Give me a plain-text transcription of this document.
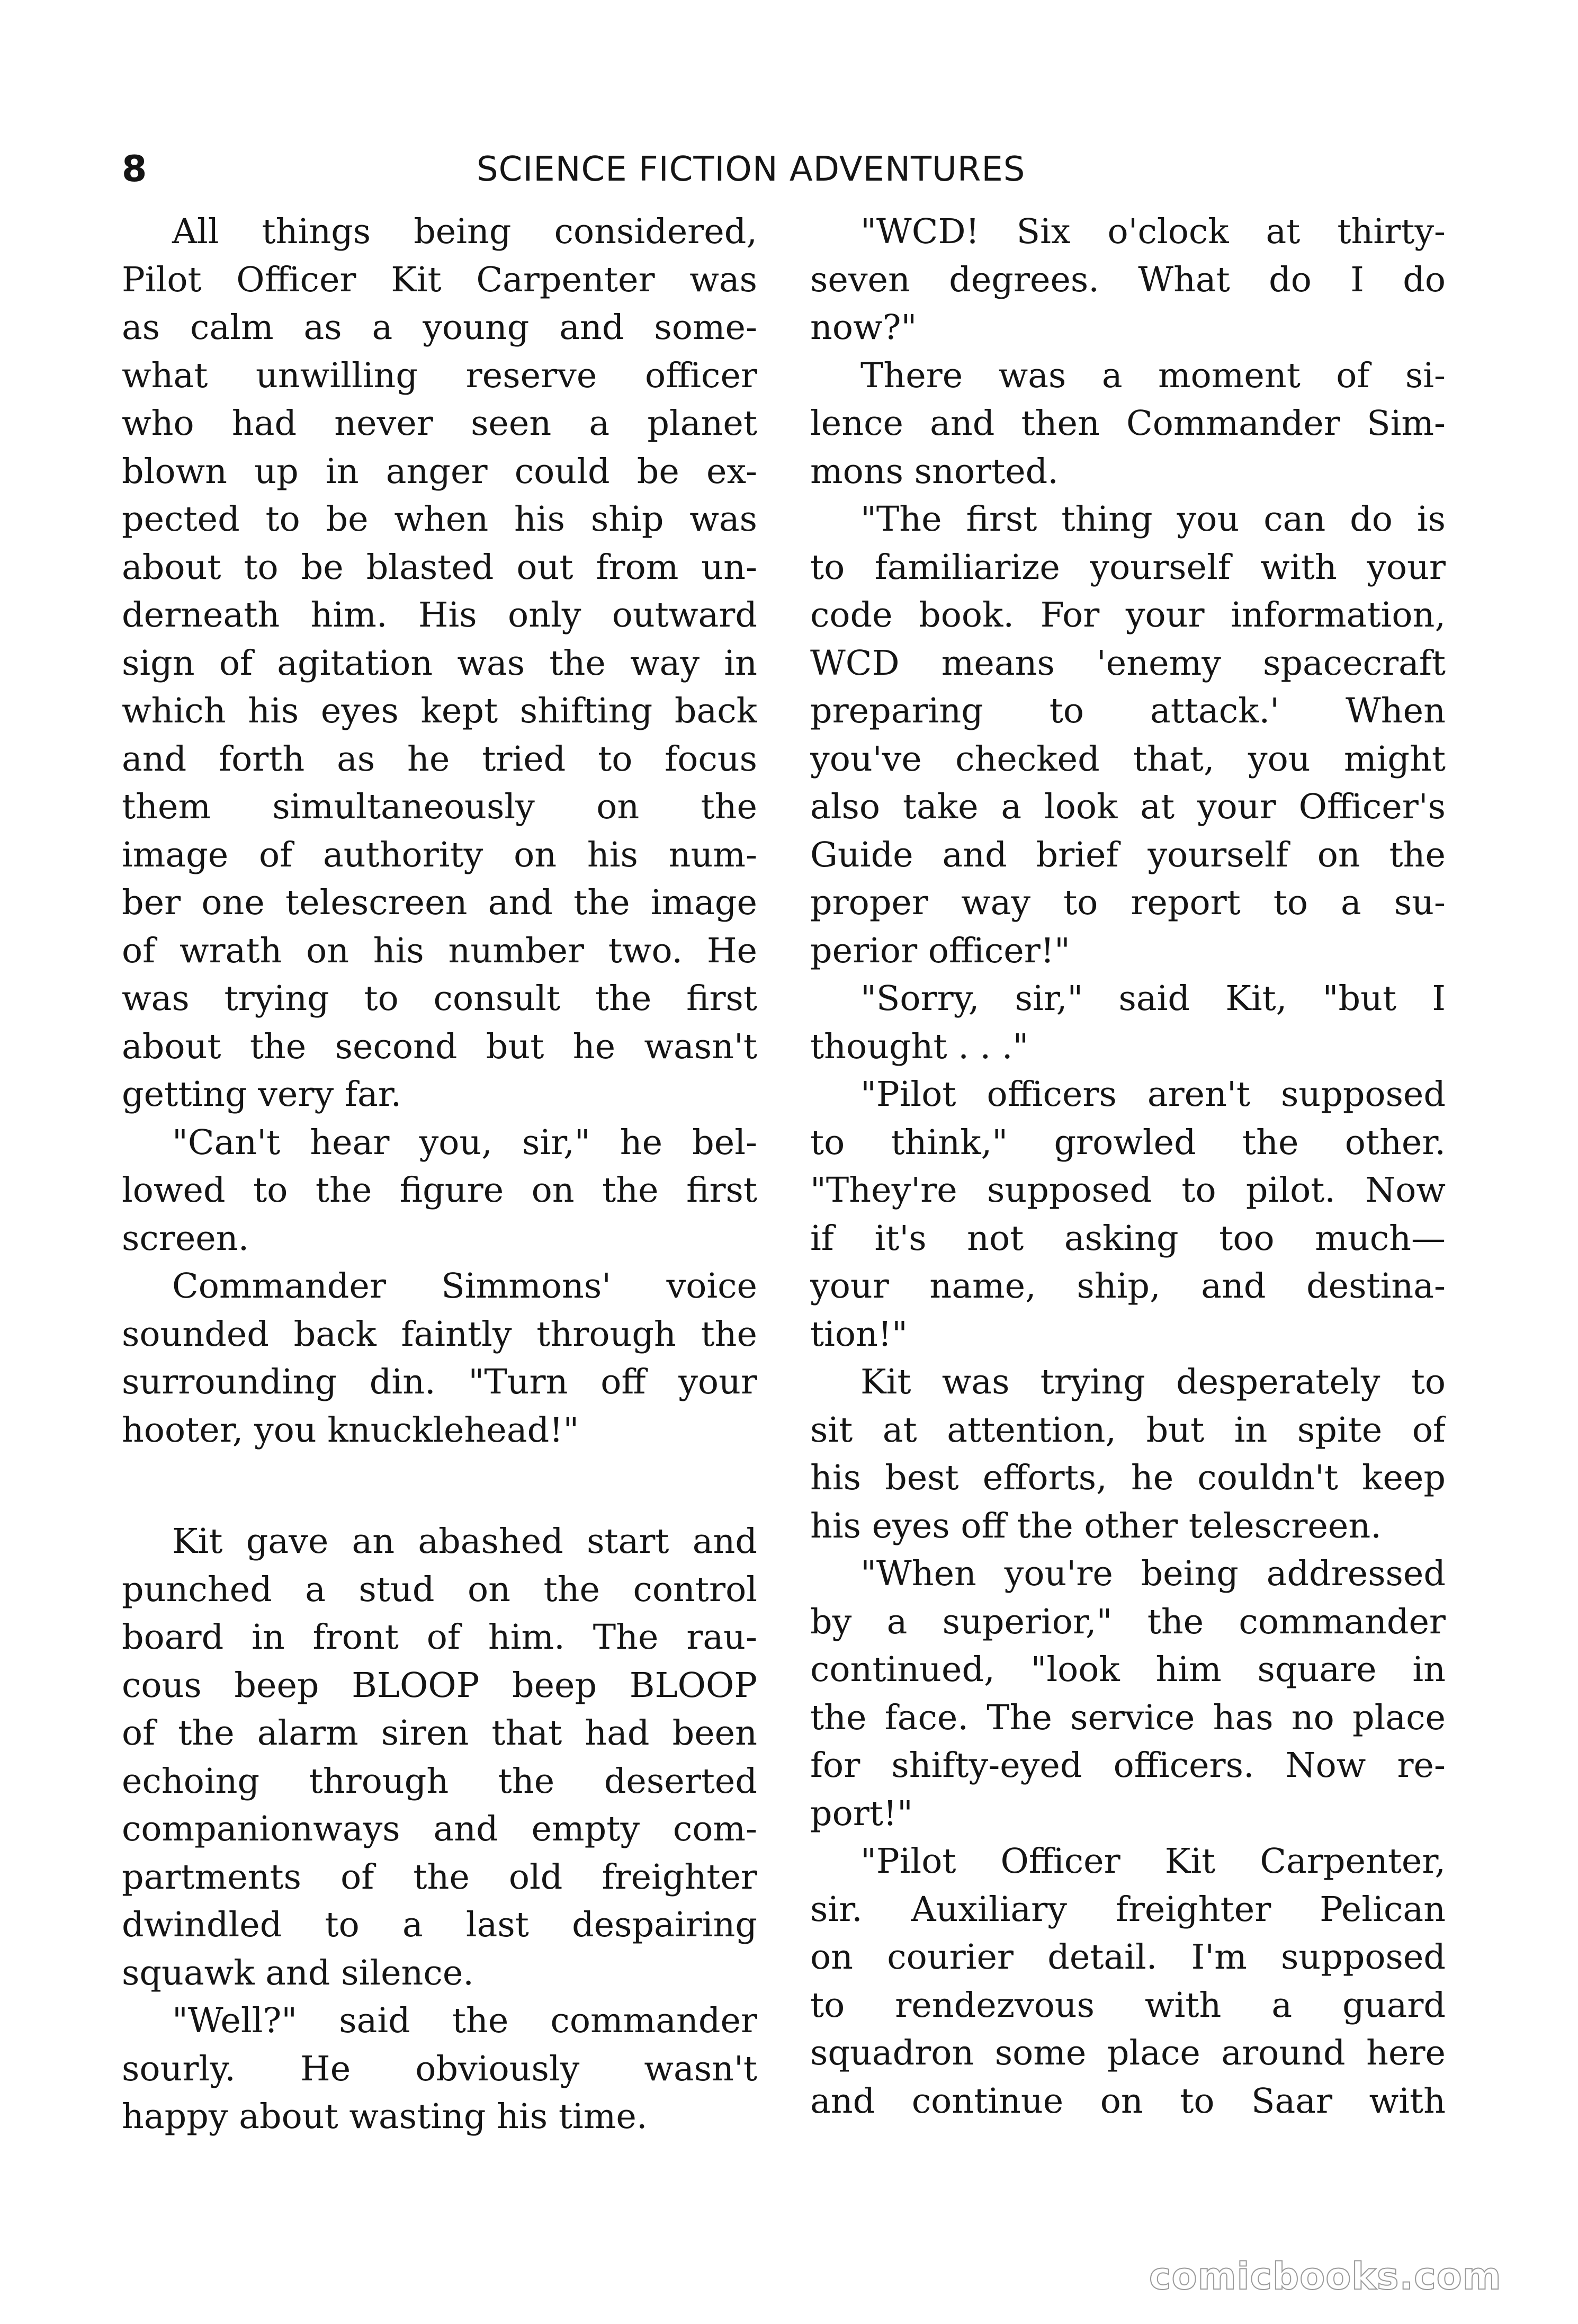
8	SCIENCE FICTION ADVENTURES
All things being considered,
Pilot Officer Kit Carpenter was
as calm as a young and some-
what unwilling reserve officer
who had never seen a planet
blown up in anger could be ex-
pected to be when his ship was
about to be blasted out from un-
derneath him. His only outward
sign of agitation was the way in
which his eyes kept shifting back
and forth as he tried to focus
them simultaneously on the
image of authority on his num-
ber one telescreen and the image
of wrath on his number two. He
was trying to consult the first
about the second but he wasn't
getting very far.
"Can't hear you, sir," he bel-
lowed to the figure on the first
screen.
Commander Simmons' voice
sounded back faintly through the
surrounding din. "Turn off your
hooter, you knucklehead!"
Kit gave an abashed start and
punched a stud on the control
board in front of him. The rau-
cous beep BLOOP beep BLOOP
of the alarm siren that had been
echoing through the deserted
companionways and empty com-
partments of the old freighter
dwindled to a last despairing
squawk and silence.
"Well?" said the commander
sourly. He obviously wasn't
happy about wasting his time.
"WCD! Six o'clock at thirty-
seven degrees. What do I do
now?"
There was a moment of si-
lence and then Commander Sim-
mons snorted.
"The first thing you can do is
to familiarize yourself with your
code book. For your information,
WCD means 'enemy spacecraft
preparing to attack.' When
you've checked that, you might
also take a look at your Officer's
Guide and brief yourself on the
proper way to report to a su-
perior officer!"
"Sorry, sir," said Kit, "but I
thought . . ."
"Pilot officers aren't supposed
to think," growled the other.
"They're supposed to pilot. Now
if it's not asking too much—
your name, ship, and destina-
tion!"
Kit was trying desperately to
sit at attention, but in spite of
his best efforts, he couldn't keep
his eyes off the other telescreen.
"When you're being addressed
by a superior," the commander
continued, "look him square in
the face. The service has no place
for shifty-eyed officers. Now re-
port!"
"Pilot Officer Kit Carpenter,
sir. Auxiliary freighter Pelican
on courier detail. I'm supposed
to rendezvous with a guard
squadron some place around here
and continue on to Saar with
comicbooks.com
